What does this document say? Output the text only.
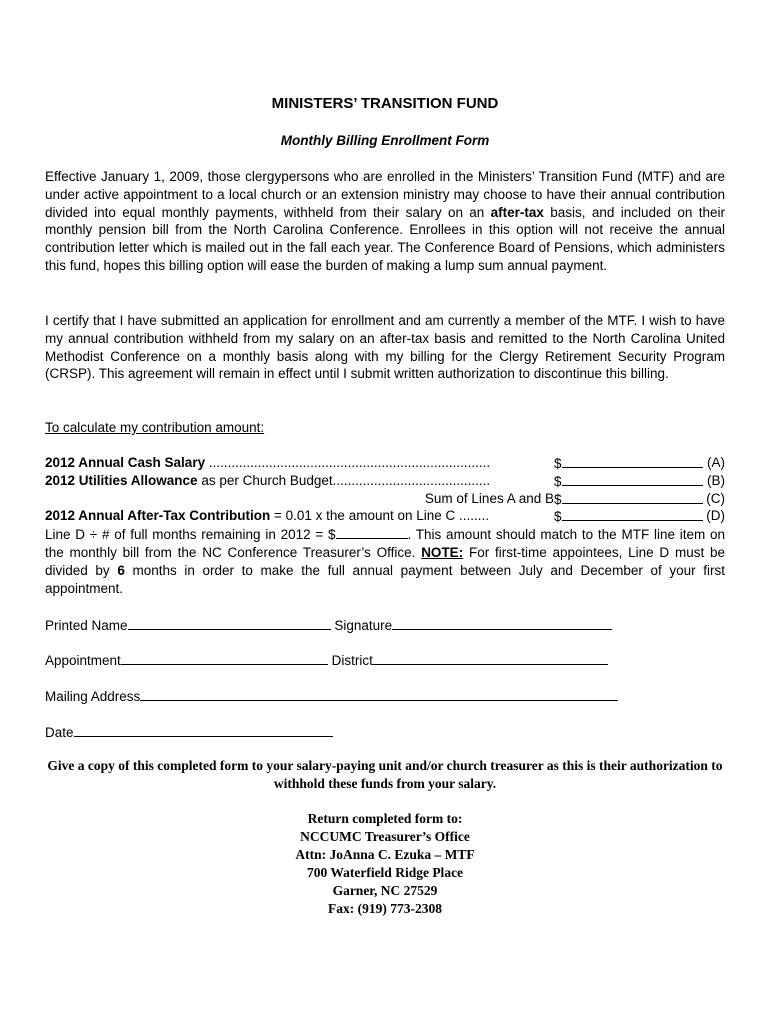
MINISTERS’ TRANSITION FUND
Monthly Billing Enrollment Form
Effective January 1, 2009, those clergypersons who are enrolled in the Ministers’ Transition Fund (MTF) and are under active appointment to a local church or an extension ministry may choose to have their annual contribution divided into equal monthly payments, withheld from their salary on an after-tax basis, and included on their monthly pension bill from the North Carolina Conference. Enrollees in this option will not receive the annual contribution letter which is mailed out in the fall each year. The Conference Board of Pensions, which administers this fund, hopes this billing option will ease the burden of making a lump sum annual payment.
I certify that I have submitted an application for enrollment and am currently a member of the MTF. I wish to have my annual contribution withheld from my salary on an after-tax basis and remitted to the North Carolina United Methodist Conference on a monthly basis along with my billing for the Clergy Retirement Security Program (CRSP). This agreement will remain in effect until I submit written authorization to discontinue this billing.
To calculate my contribution amount:
2012 Annual Cash Salary ...........................................................................	$	(A)
2012 Utilities Allowance as per Church Budget..........................................	$	(B)
Sum of Lines A and B $	(C)
2012 Annual After-Tax Contribution = 0.01 x the amount on Line C ........	$	(D)
Line D ÷ # of full months remaining in 2012 = $	. This amount should match to the MTF line item on the monthly bill from the NC Conference Treasurer’s Office. NOTE: For first-time appointees, Line D must be divided by 6 months in order to make the full annual payment between July and December of your first appointment.
Printed Name	Signature
Appointment	District
Mailing Address
Date
Give a copy of this completed form to your salary-paying unit and/or church treasurer as this is their authorization to withhold these funds from your salary.
Return completed form to:
NCCUMC Treasurer’s Office
Attn: JoAnna C. Ezuka – MTF
700 Waterfield Ridge Place
Garner, NC 27529
Fax: (919) 773-2308
